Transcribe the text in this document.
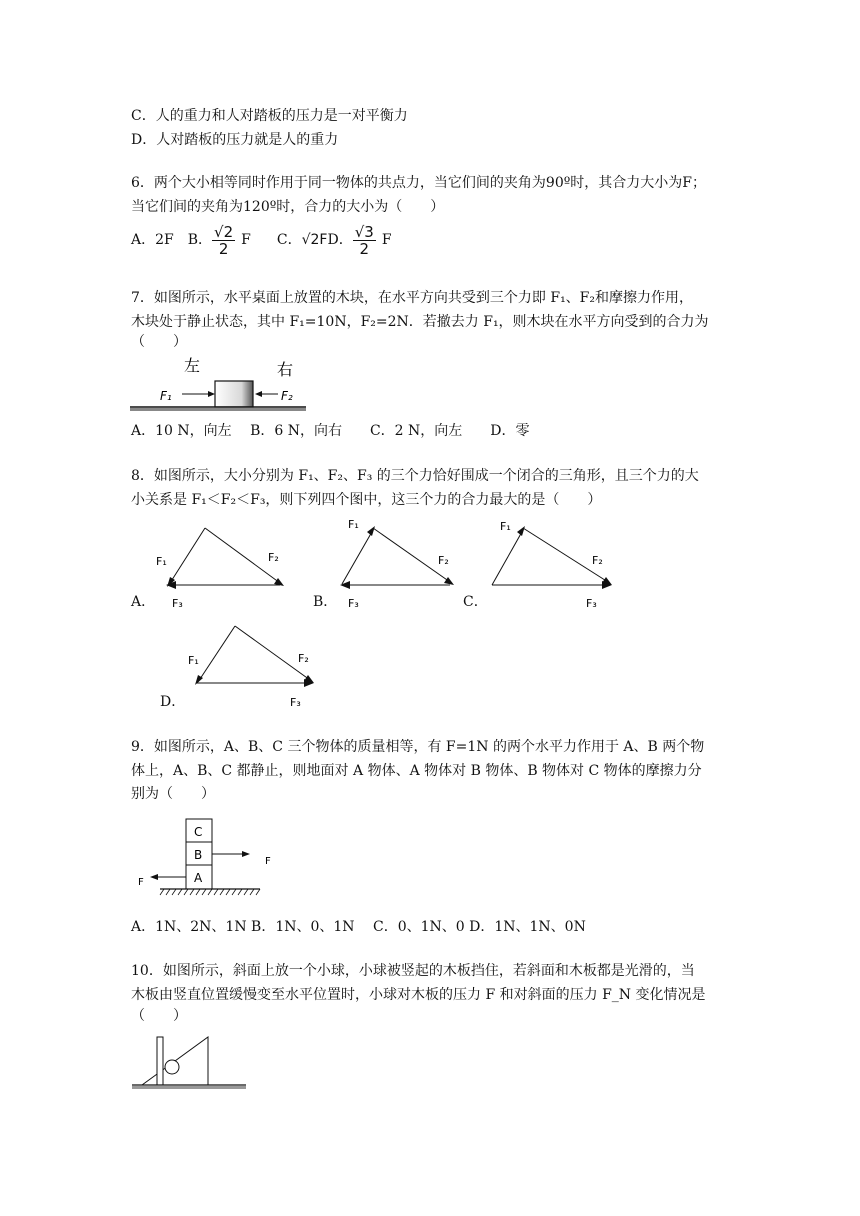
C．人的重力和人对踏板的压力是一对平衡力
D．人对踏板的压力就是人的重力
6．两个大小相等同时作用于同一物体的共点力，当它们间的夹角为90º时，其合力大小为F；
当它们间的夹角为120º时，合力的大小为（　　）
A．2F B． $\frac{√2}{2}$ F C． √2F D． $\frac{√3}{2}$ F
7．如图所示，水平桌面上放置的木块，在水平方向共受到三个力即 F₁、F₂和摩擦力作用，
木块处于静止状态，其中 F₁=10N，F₂=2N．若撤去力 F₁，则木块在水平方向受到的合力为
（　　）
左	右
F₁	F₂
A．10 N，向左　 B．6 N，向右　　C．2 N，向左　　D．零
8．如图所示，大小分别为 F₁、F₂、F₃ 的三个力恰好围成一个闭合的三角形，且三个力的大
小关系是 F₁＜F₂＜F₃，则下列四个图中，这三个力的合力最大的是（　　）
F₁	F₂
F₃
A．
F₁
F₂
F₃
B．
F₁
F₂
F₃
C．
F₁	F₂
F₃
D．
9．如图所示，A、B、C 三个物体的质量相等，有 F=1N 的两个水平力作用于 A、B 两个物
体上，A、B、C 都静止，则地面对 A 物体、A 物体对 B 物体、B 物体对 C 物体的摩擦力分
别为（　　）
C
B
A
F
F
A．1N、2N、1N B．1N、0、1N　 C．0、1N、0 D．1N、1N、0N
10．如图所示，斜面上放一个小球，小球被竖起的木板挡住，若斜面和木板都是光滑的，当
木板由竖直位置缓慢变至水平位置时，小球对木板的压力 F 和对斜面的压力 F_N 变化情况是
（　　）
